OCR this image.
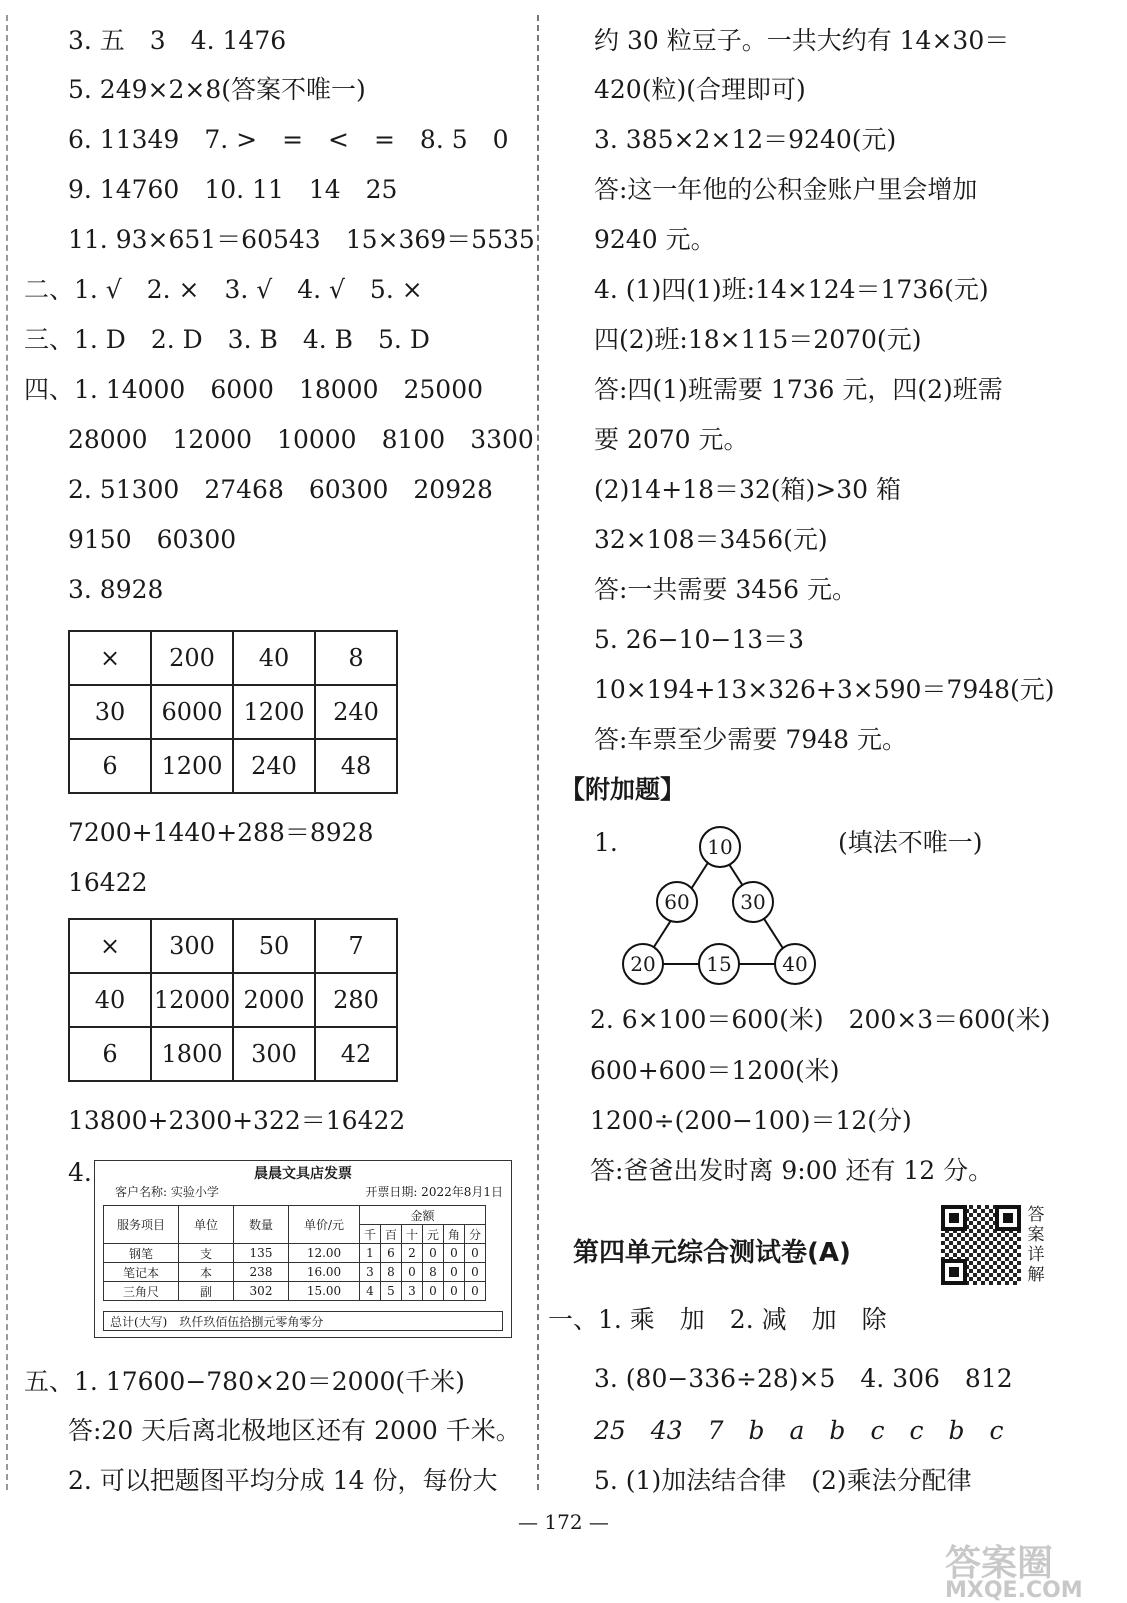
3. 五　3　4. 1476
5. 249×2×8(答案不唯一)
6. 11349　7. >　=　<　=　8. 5　0
9. 14760　10. 11　14　25
11. 93×651＝60543　15×369＝5535
二、1. √　2. ×　3. √　4. √　5. ×
三、1. D　2. D　3. B　4. B　5. D
四、1. 14000　6000　18000　25000
28000　12000　10000　8100　3300
2. 51300　27468　60300　20928
9150　60300
3. 8928
×	200	40	8
30	6000	1200	240
6	1200	240	48
7200+1440+288＝8928
16422
×	300	50	7
40	12000	2000	280
6	1800	300	42
13800+2300+322＝16422
4.	晨晨文具店发票
客户名称: 实验小学	开票日期: 2022年8月1日
服务项目	单位	数量	单价/元	金额					
				千	百	十	元	角	分
钢笔	支	135	12.00	1	6	2	0	0	0
笔记本	本	238	16.00	3	8	0	8	0	0
三角尺	副	302	15.00	4	5	3	0	0	0
总计(大写)　玖仟玖佰伍拾捌元零角零分
五、1. 17600−780×20＝2000(千米)
答:20 天后离北极地区还有 2000 千米。
2. 可以把题图平均分成 14 份，每份大
约 30 粒豆子。一共大约有 14×30＝
420(粒)(合理即可)
3. 385×2×12＝9240(元)
答:这一年他的公积金账户里会增加
9240 元。
4. (1)四(1)班:14×124＝1736(元)
四(2)班:18×115＝2070(元)
答:四(1)班需要 1736 元，四(2)班需
要 2070 元。
(2)14+18＝32(箱)>30 箱
32×108＝3456(元)
答:一共需要 3456 元。
5. 26−10−13＝3
10×194+13×326+3×590＝7948(元)
答:车票至少需要 7948 元。
【附加题】
1.	(填法不唯一)
10
60	30
20	15	40
2. 6×100＝600(米)　200×3＝600(米)
600+600＝1200(米)
1200÷(200−100)＝12(分)
答:爸爸出发时离 9:00 还有 12 分。
第四单元综合测试卷(A)
答案详解
一、1. 乘　加　2. 减　加　除
3. (80−336÷28)×5　4. 306　812
25　43　7　b　a　b　c　c　b　c
5. (1)加法结合律　(2)乘法分配律
— 172 —
答案圈
MXQE.COM
